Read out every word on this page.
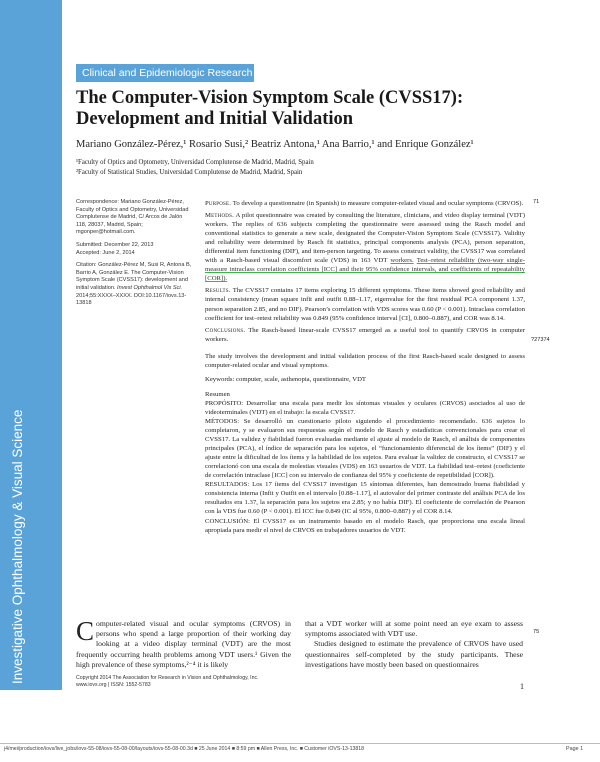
Investigative Ophthalmology & Visual Science
Clinical and Epidemiologic Research
The Computer-Vision Symptom Scale (CVSS17): Development and Initial Validation
Mariano González-Pérez,¹ Rosario Susi,² Beatriz Antona,¹ Ana Barrio,¹ and Enrique González¹
¹Faculty of Optics and Optometry, Universidad Complutense de Madrid, Madrid, Spain
²Faculty of Statistical Studies, Universidad Complutense de Madrid, Madrid, Spain

Correspondence: Mariano González-Pérez, Faculty of Optics and Optometry, Universidad Complutense de Madrid, C/ Arcos de Jalón 118, 28037, Madrid, Spain; mgonper@hotmail.com.

Submitted: December 22, 2013
Accepted: June 2, 2014

Citation: González-Pérez M, Susi R, Antona B, Barrio A, González E. The Computer-Vision Symptom Scale (CVSS17): development and initial validation. Invest Ophthalmol Vis Sci. 2014;55:XXXX–XXXX. DOI:10.1167/iovs.13-13818

Purpose. To develop a questionnaire (in Spanish) to measure computer-related visual and ocular symptoms (CRVOS).

Methods. A pilot questionnaire was created by consulting the literature, clinicians, and video display terminal (VDT) workers. The replies of 636 subjects completing the questionnaire were assessed using the Rasch model and conventional statistics to generate a new scale, designated the Computer-Vision Symptom Scale (CVSS17). Validity and reliability were determined by Rasch fit statistics, principal components analysis (PCA), person separation, differential item functioning (DIF), and item-person targeting. To assess construct validity, the CVSS17 was correlated with a Rasch-based visual discomfort scale (VDS) in 163 VDT workers. Test–retest reliability (two-way single-measure intraclass correlation coefficients [ICC] and their 95% confidence intervals, and coefficients of repeatability [COR]).

Results. The CVSS17 contains 17 items exploring 15 different symptoms. These items showed good reliability and internal consistency (mean square infit and outfit 0.88–1.17, eigenvalue for the first residual PCA component 1.37, person separation 2.85, and no DIF). Pearson’s correlation with VDS scores was 0.60 (P < 0.001). Intraclass correlation coefficient for test–retest reliability was 0.849 (95% confidence interval [CI], 0.800–0.887), and COR was 8.14.

Conclusions. The Rasch-based linear-scale CVSS17 emerged as a useful tool to quantify CRVOS in computer workers.

The study involves the development and initial validation process of the first Rasch-based scale designed to assess computer-related ocular and visual symptoms.

Keywords: computer, scale, asthenopia, questionnaire, VDT

Resumen

PROPÓSITO: Desarrollar una escala para medir los síntomas visuales y oculares (CRVOS) asociados al uso de videoterminales (VDT) en el trabajo: la escala CVSS17.

MÉTODOS: Se desarrolló un cuestionario piloto siguiendo el procedimiento recomendado. 636 sujetos lo completaron, y se evaluaron sus respuestas según el modelo de Rasch y estadísticas convencionales para crear el CVSS17. La validez y fiabilidad fueron evaluadas mediante el ajuste al modelo de Rasch, el análisis de componentes principales (PCA), el índice de separación para los sujetos, el “funcionamiento diferencial de los ítems” (DIF) y el ajuste entre la dificultad de los ítems y la habilidad de los sujetos. Para evaluar la validez de constructo, el CVSS17 se correlacionó con una escala de molestias visuales (VDS) en 163 usuarios de VDT. La fiabilidad test–retest (coeficiente de correlación intraclase [ICC] con su intervalo de confianza del 95% y coeficiente de repetibilidad [COR]).

RESULTADOS: Los 17 ítems del CVSS17 investigan 15 síntomas diferentes, han demostrado buena fiabilidad y consistencia interna (Infit y Outfit en el intervalo [0.88–1.17], el autovalor del primer contraste del análisis PCA de los resultados era 1.37, la separación para los sujetos era 2.85; y no había DIF). El coeficiente de correlación de Pearson con la VDS fue 0.60 (P < 0.001). El ICC fue 0.849 (IC al 95%, 0.800–0.887) y el COR 8.14.

CONCLUSIÓN: El CVSS17 es un instrumento basado en el modelo Rasch, que proporciona una escala lineal apropiada para medir el nivel de CRVOS en trabajadores usuarios de VDT.

71
?27374
75
Computer-related visual and ocular symptoms (CRVOS) in persons who spend a large proportion of their working day looking at a video display terminal (VDT) are the most frequently occurring health problems among VDT users.¹ Given the high prevalence of these symptoms,²⁻⁴ it is likely

that a VDT worker will at some point need an eye exam to assess symptoms associated with VDT use.

Studies designed to estimate the prevalence of CRVOS have used questionnaires self-completed by the study participants. These investigations have mostly been based on questionnaires

Copyright 2014 The Association for Research in Vision and Ophthalmology, Inc.
www.iovs.org | ISSN: 1552-5783	1
j4/mei/production/iovs/live_jobs/iovs-55-08/iovs-55-08-00/layouts/iovs-55-08-00.3d ■ 25 June 2014 ■ 8:59 pm ■ Allen Press, Inc. ■ Customer iOVS-13-13818	Page 1
